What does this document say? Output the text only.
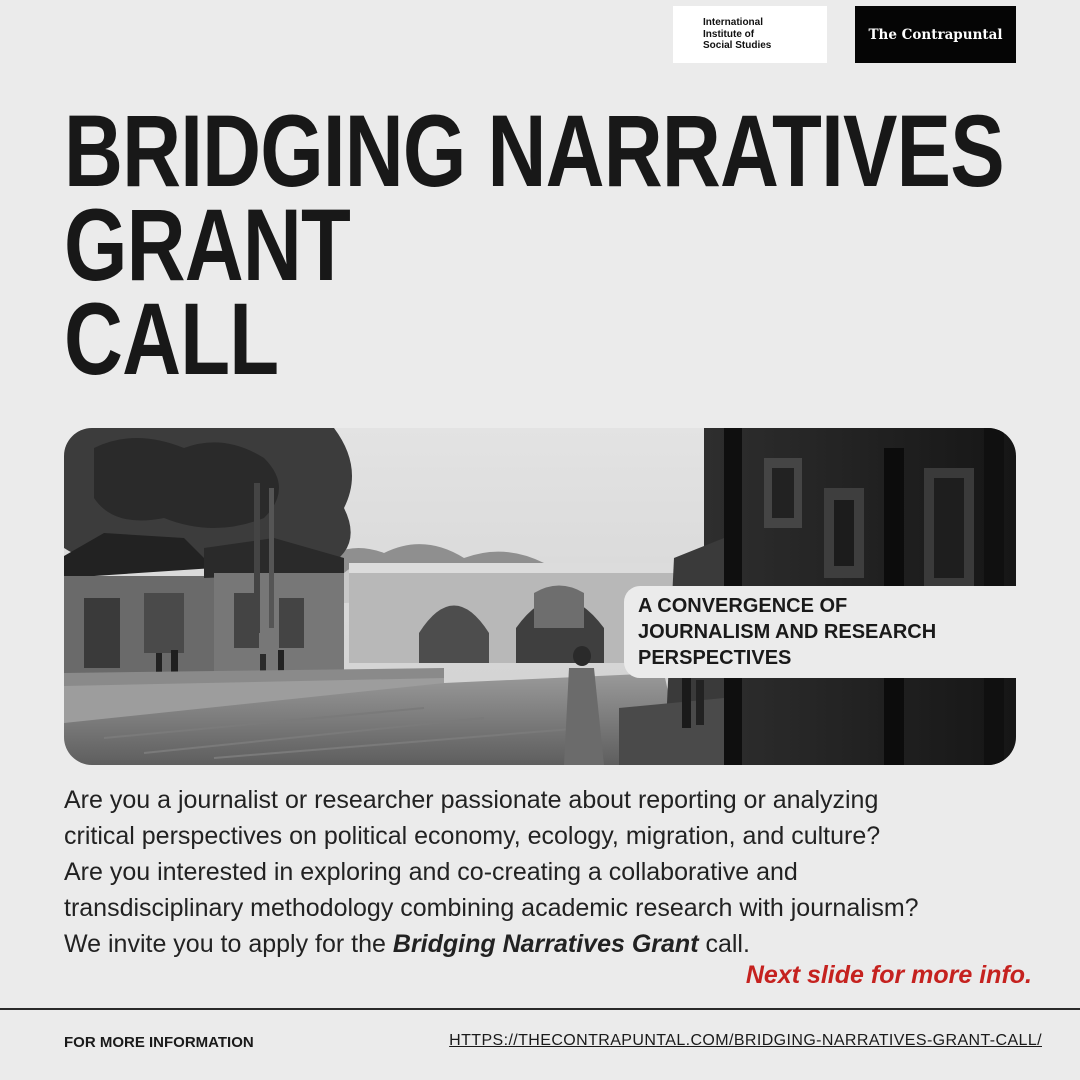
International
Institute of
Social Studies
The Contrapuntal
BRIDGING NARRATIVES
GRANT
CALL
A CONVERGENCE OF
JOURNALISM AND RESEARCH
PERSPECTIVES

Are you a journalist or researcher passionate about reporting or analyzing
critical perspectives on political economy, ecology, migration, and culture?
Are you interested in exploring and co-creating a collaborative and
transdisciplinary methodology combining academic research with journalism?
We invite you to apply for the Bridging Narratives Grant call.

Next slide for more info.
FOR MORE INFORMATION	HTTPS://THECONTRAPUNTAL.COM/BRIDGING-NARRATIVES-GRANT-CALL/
